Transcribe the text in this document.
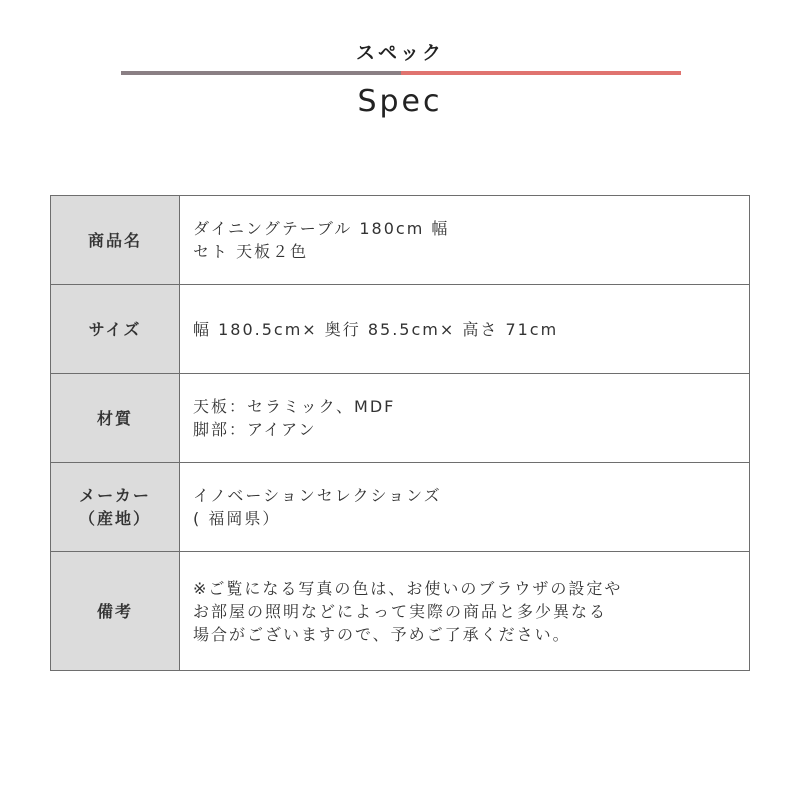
スペック
Spec
商品名	ダイニングテーブル 180cm 幅
セト 天板２色

サイズ	幅 180.5cm× 奥行 85.5cm× 高さ 71cm

材質	天板：セラミック、MDF
脚部：アイアン

メーカー
（産地）	イノベーションセレクションズ
( 福岡県）

備考	※ご覧になる写真の色は、お使いのブラウザの設定や
お部屋の照明などによって実際の商品と多少異なる
場合がございますので、予めご了承ください。
